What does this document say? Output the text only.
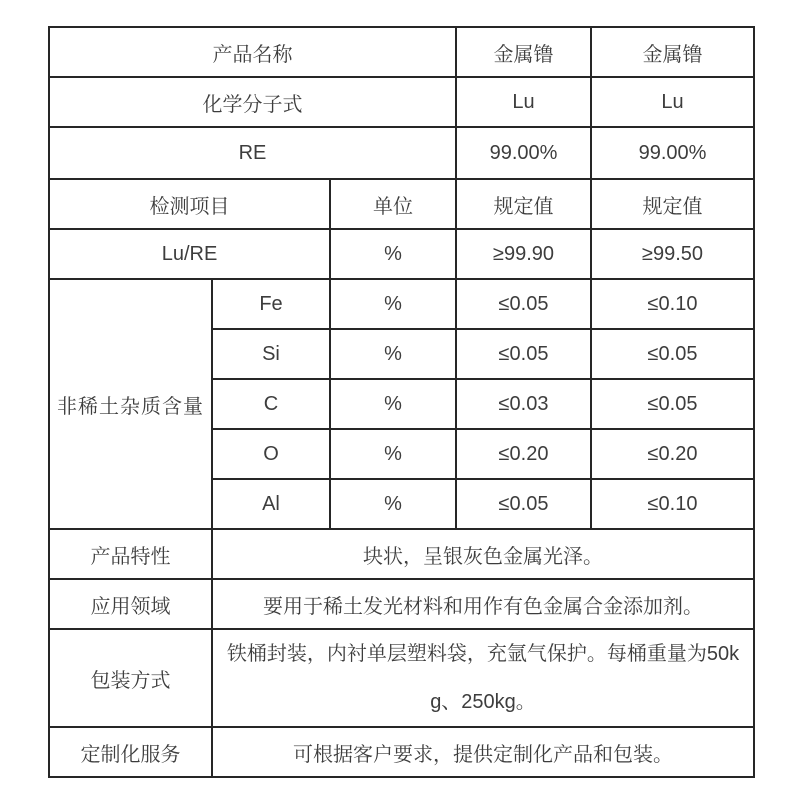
产品名称			金属镥	金属镥
化学分子式			Lu	Lu
RE			99.00%	99.00%
检测项目		单位	规定值	规定值
Lu/RE		%	≥99.90	≥99.50
非稀土杂质含量	Fe	%	≤0.05	≤0.10
	Si	%	≤0.05	≤0.05
	C	%	≤0.03	≤0.05
	O	%	≤0.20	≤0.20
	Al	%	≤0.05	≤0.10
产品特性	块状，呈银灰色金属光泽。			
应用领域	要用于稀土发光材料和用作有色金属合金添加剂。			
包装方式	铁桶封装，内衬单层塑料袋，充氩气保护。每桶重量为50k
g、250kg。			

定制化服务	可根据客户要求，提供定制化产品和包装。			
